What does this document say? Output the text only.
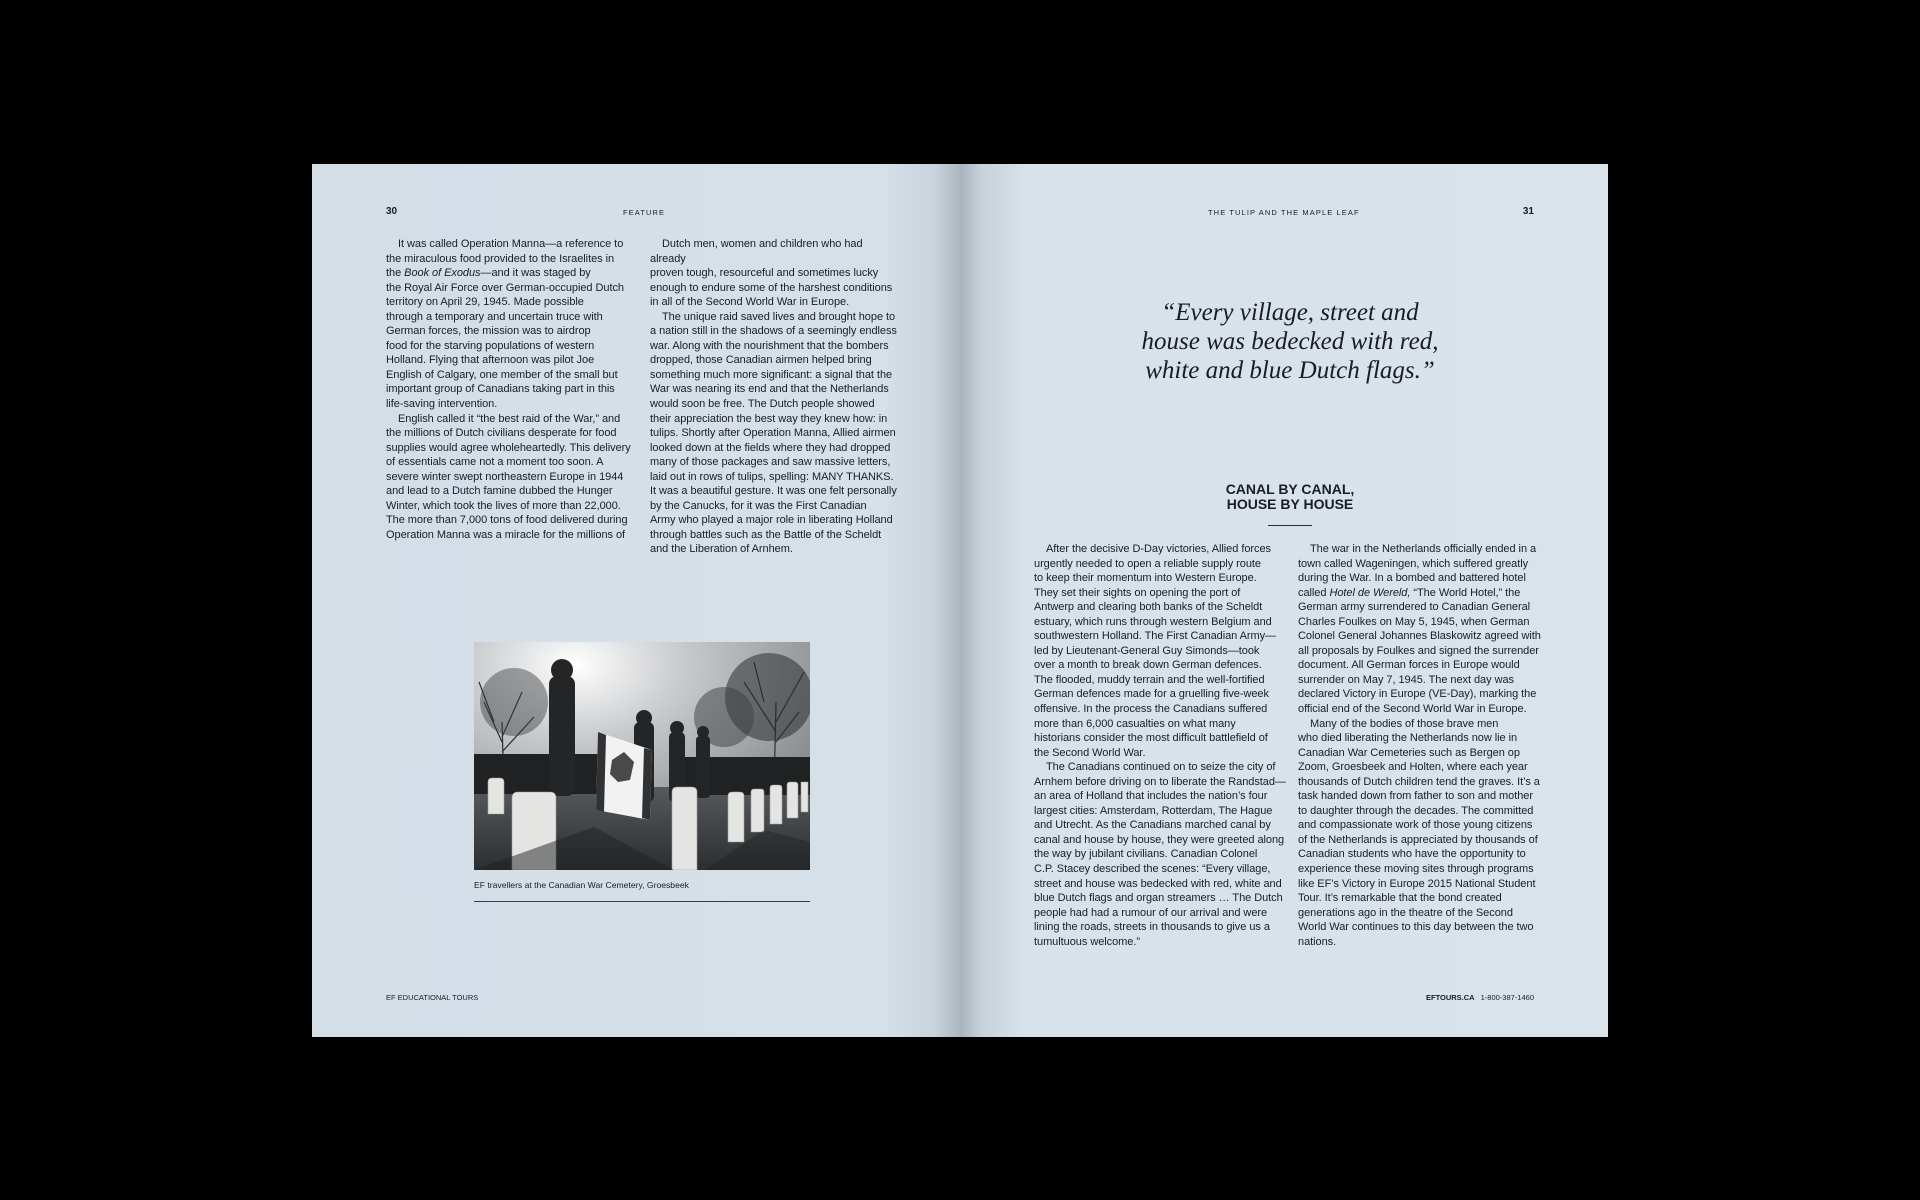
30	FEATURE

It was called Operation Manna—a reference to
the miraculous food provided to the Israelites in
the Book of Exodus—and it was staged by
the Royal Air Force over German-occupied Dutch
territory on April 29, 1945. Made possible
through a temporary and uncertain truce with
German forces, the mission was to airdrop
food for the starving populations of western
Holland. Flying that afternoon was pilot Joe
English of Calgary, one member of the small but
important group of Canadians taking part in this
life-saving intervention.

English called it “the best raid of the War,” and
the millions of Dutch civilians desperate for food
supplies would agree wholeheartedly. This delivery
of essentials came not a moment too soon. A
severe winter swept northeastern Europe in 1944
and lead to a Dutch famine dubbed the Hunger
Winter, which took the lives of more than 22,000.
The more than 7,000 tons of food delivered during
Operation Manna was a miracle for the millions of

Dutch men, women and children who had already
proven tough, resourceful and sometimes lucky
enough to endure some of the harshest conditions
in all of the Second World War in Europe.

The unique raid saved lives and brought hope to
a nation still in the shadows of a seemingly endless
war. Along with the nourishment that the bombers
dropped, those Canadian airmen helped bring
something much more significant: a signal that the
War was nearing its end and that the Netherlands
would soon be free. The Dutch people showed
their appreciation the best way they knew how: in
tulips. Shortly after Operation Manna, Allied airmen
looked down at the fields where they had dropped
many of those packages and saw massive letters,
laid out in rows of tulips, spelling: MANY THANKS.
It was a beautiful gesture. It was one felt personally
by the Canucks, for it was the First Canadian
Army who played a major role in liberating Holland
through battles such as the Battle of the Scheldt
and the Liberation of Arnhem.

EF travellers at the Canadian War Cemetery, Groesbeek
EF EDUCATIONAL TOURS
THE TULIP AND THE MAPLE LEAF	31
“Every village, street and
house was bedecked with red,
white and blue Dutch flags.”
CANAL BY CANAL,
HOUSE BY HOUSE

After the decisive D-Day victories, Allied forces
urgently needed to open a reliable supply route
to keep their momentum into Western Europe.
They set their sights on opening the port of
Antwerp and clearing both banks of the Scheldt
estuary, which runs through western Belgium and
southwestern Holland. The First Canadian Army—
led by Lieutenant-General Guy Simonds—took
over a month to break down German defences.
The flooded, muddy terrain and the well-fortified
German defences made for a gruelling five-week
offensive. In the process the Canadians suffered
more than 6,000 casualties on what many
historians consider the most difficult battlefield of
the Second World War.

The Canadians continued on to seize the city of
Arnhem before driving on to liberate the Randstad—
an area of Holland that includes the nation’s four
largest cities: Amsterdam, Rotterdam, The Hague
and Utrecht. As the Canadians marched canal by
canal and house by house, they were greeted along
the way by jubilant civilians. Canadian Colonel
C.P. Stacey described the scenes: “Every village,
street and house was bedecked with red, white and
blue Dutch flags and organ streamers … The Dutch
people had had a rumour of our arrival and were
lining the roads, streets in thousands to give us a
tumultuous welcome.”

The war in the Netherlands officially ended in a
town called Wageningen, which suffered greatly
during the War. In a bombed and battered hotel
called Hotel de Wereld, “The World Hotel,” the
German army surrendered to Canadian General
Charles Foulkes on May 5, 1945, when German
Colonel General Johannes Blaskowitz agreed with
all proposals by Foulkes and signed the surrender
document. All German forces in Europe would
surrender on May 7, 1945. The next day was
declared Victory in Europe (VE-Day), marking the
official end of the Second World War in Europe.

Many of the bodies of those brave men
who died liberating the Netherlands now lie in
Canadian War Cemeteries such as Bergen op
Zoom, Groesbeek and Holten, where each year
thousands of Dutch children tend the graves. It’s a
task handed down from father to son and mother
to daughter through the decades. The committed
and compassionate work of those young citizens
of the Netherlands is appreciated by thousands of
Canadian students who have the opportunity to
experience these moving sites through programs
like EF’s Victory in Europe 2015 National Student
Tour. It’s remarkable that the bond created
generations ago in the theatre of the Second
World War continues to this day between the two
nations.

EFTOURS.CA 1-800-387-1460
